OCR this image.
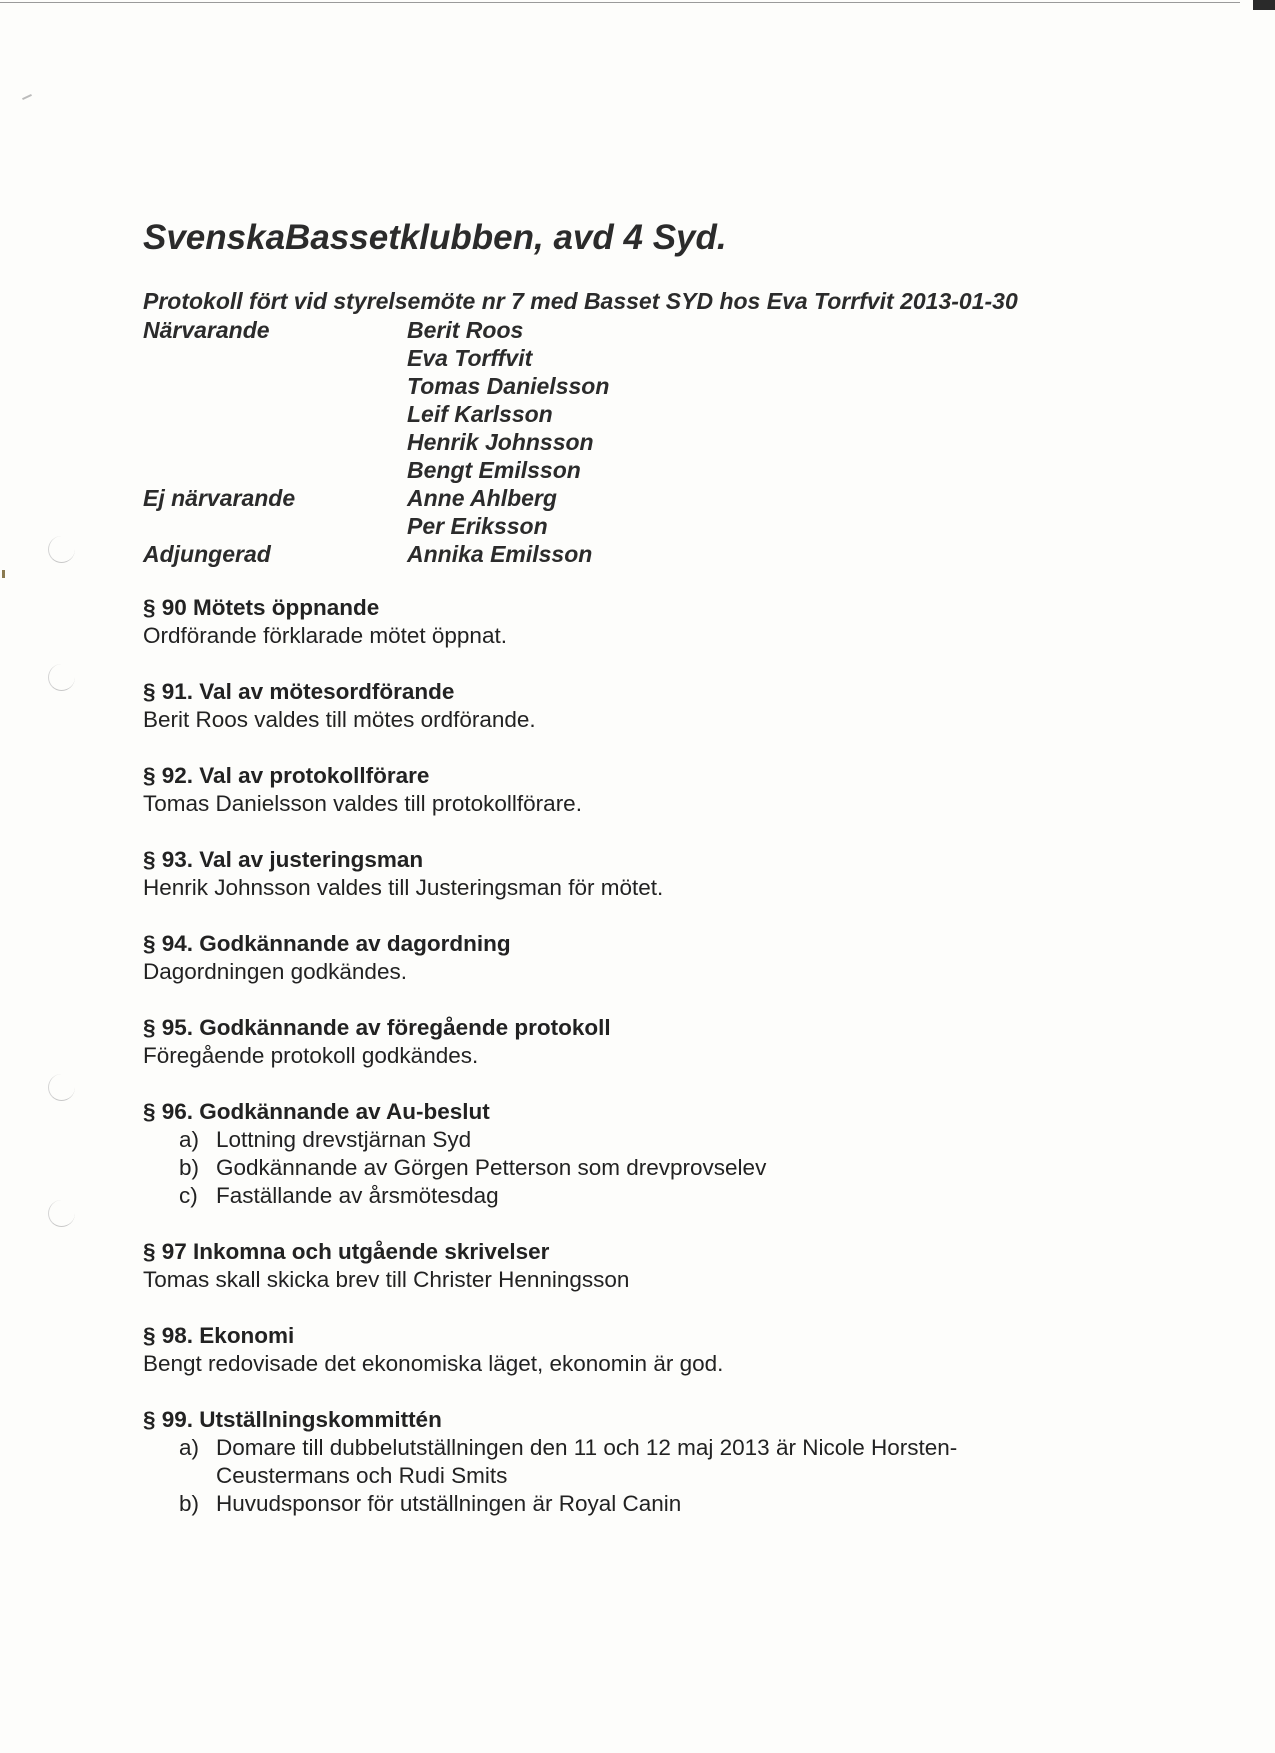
SvenskaBassetklubben, avd 4 Syd.
Protokoll fört vid styrelsemöte nr 7 med Basset SYD hos Eva Torrfvit 2013-01-30
Närvarande	Berit Roos
Eva Torffvit
Tomas Danielsson
Leif Karlsson
Henrik Johnsson
Bengt Emilsson
Ej närvarande	Anne Ahlberg
Per Eriksson
Adjungerad	Annika Emilsson
§ 90 Mötets öppnande
Ordförande förklarade mötet öppnat.
§ 91. Val av mötesordförande
Berit Roos valdes till mötes ordförande.
§ 92. Val av protokollförare
Tomas Danielsson valdes till protokollförare.
§ 93. Val av justeringsman
Henrik Johnsson valdes till Justeringsman för mötet.
§ 94. Godkännande av dagordning
Dagordningen godkändes.
§ 95. Godkännande av föregående protokoll
Föregående protokoll godkändes.
§ 96. Godkännande av Au-beslut
a) Lottning drevstjärnan Syd
b) Godkännande av Görgen Petterson som drevprovselev
c) Faställande av årsmötesdag
§ 97 Inkomna och utgående skrivelser
Tomas skall skicka brev till Christer Henningsson
§ 98. Ekonomi
Bengt redovisade det ekonomiska läget, ekonomin är god.
§ 99. Utställningskommittén
a) Domare till dubbelutställningen den 11 och 12 maj 2013 är Nicole Horsten-
Ceustermans och Rudi Smits
b) Huvudsponsor för utställningen är Royal Canin
